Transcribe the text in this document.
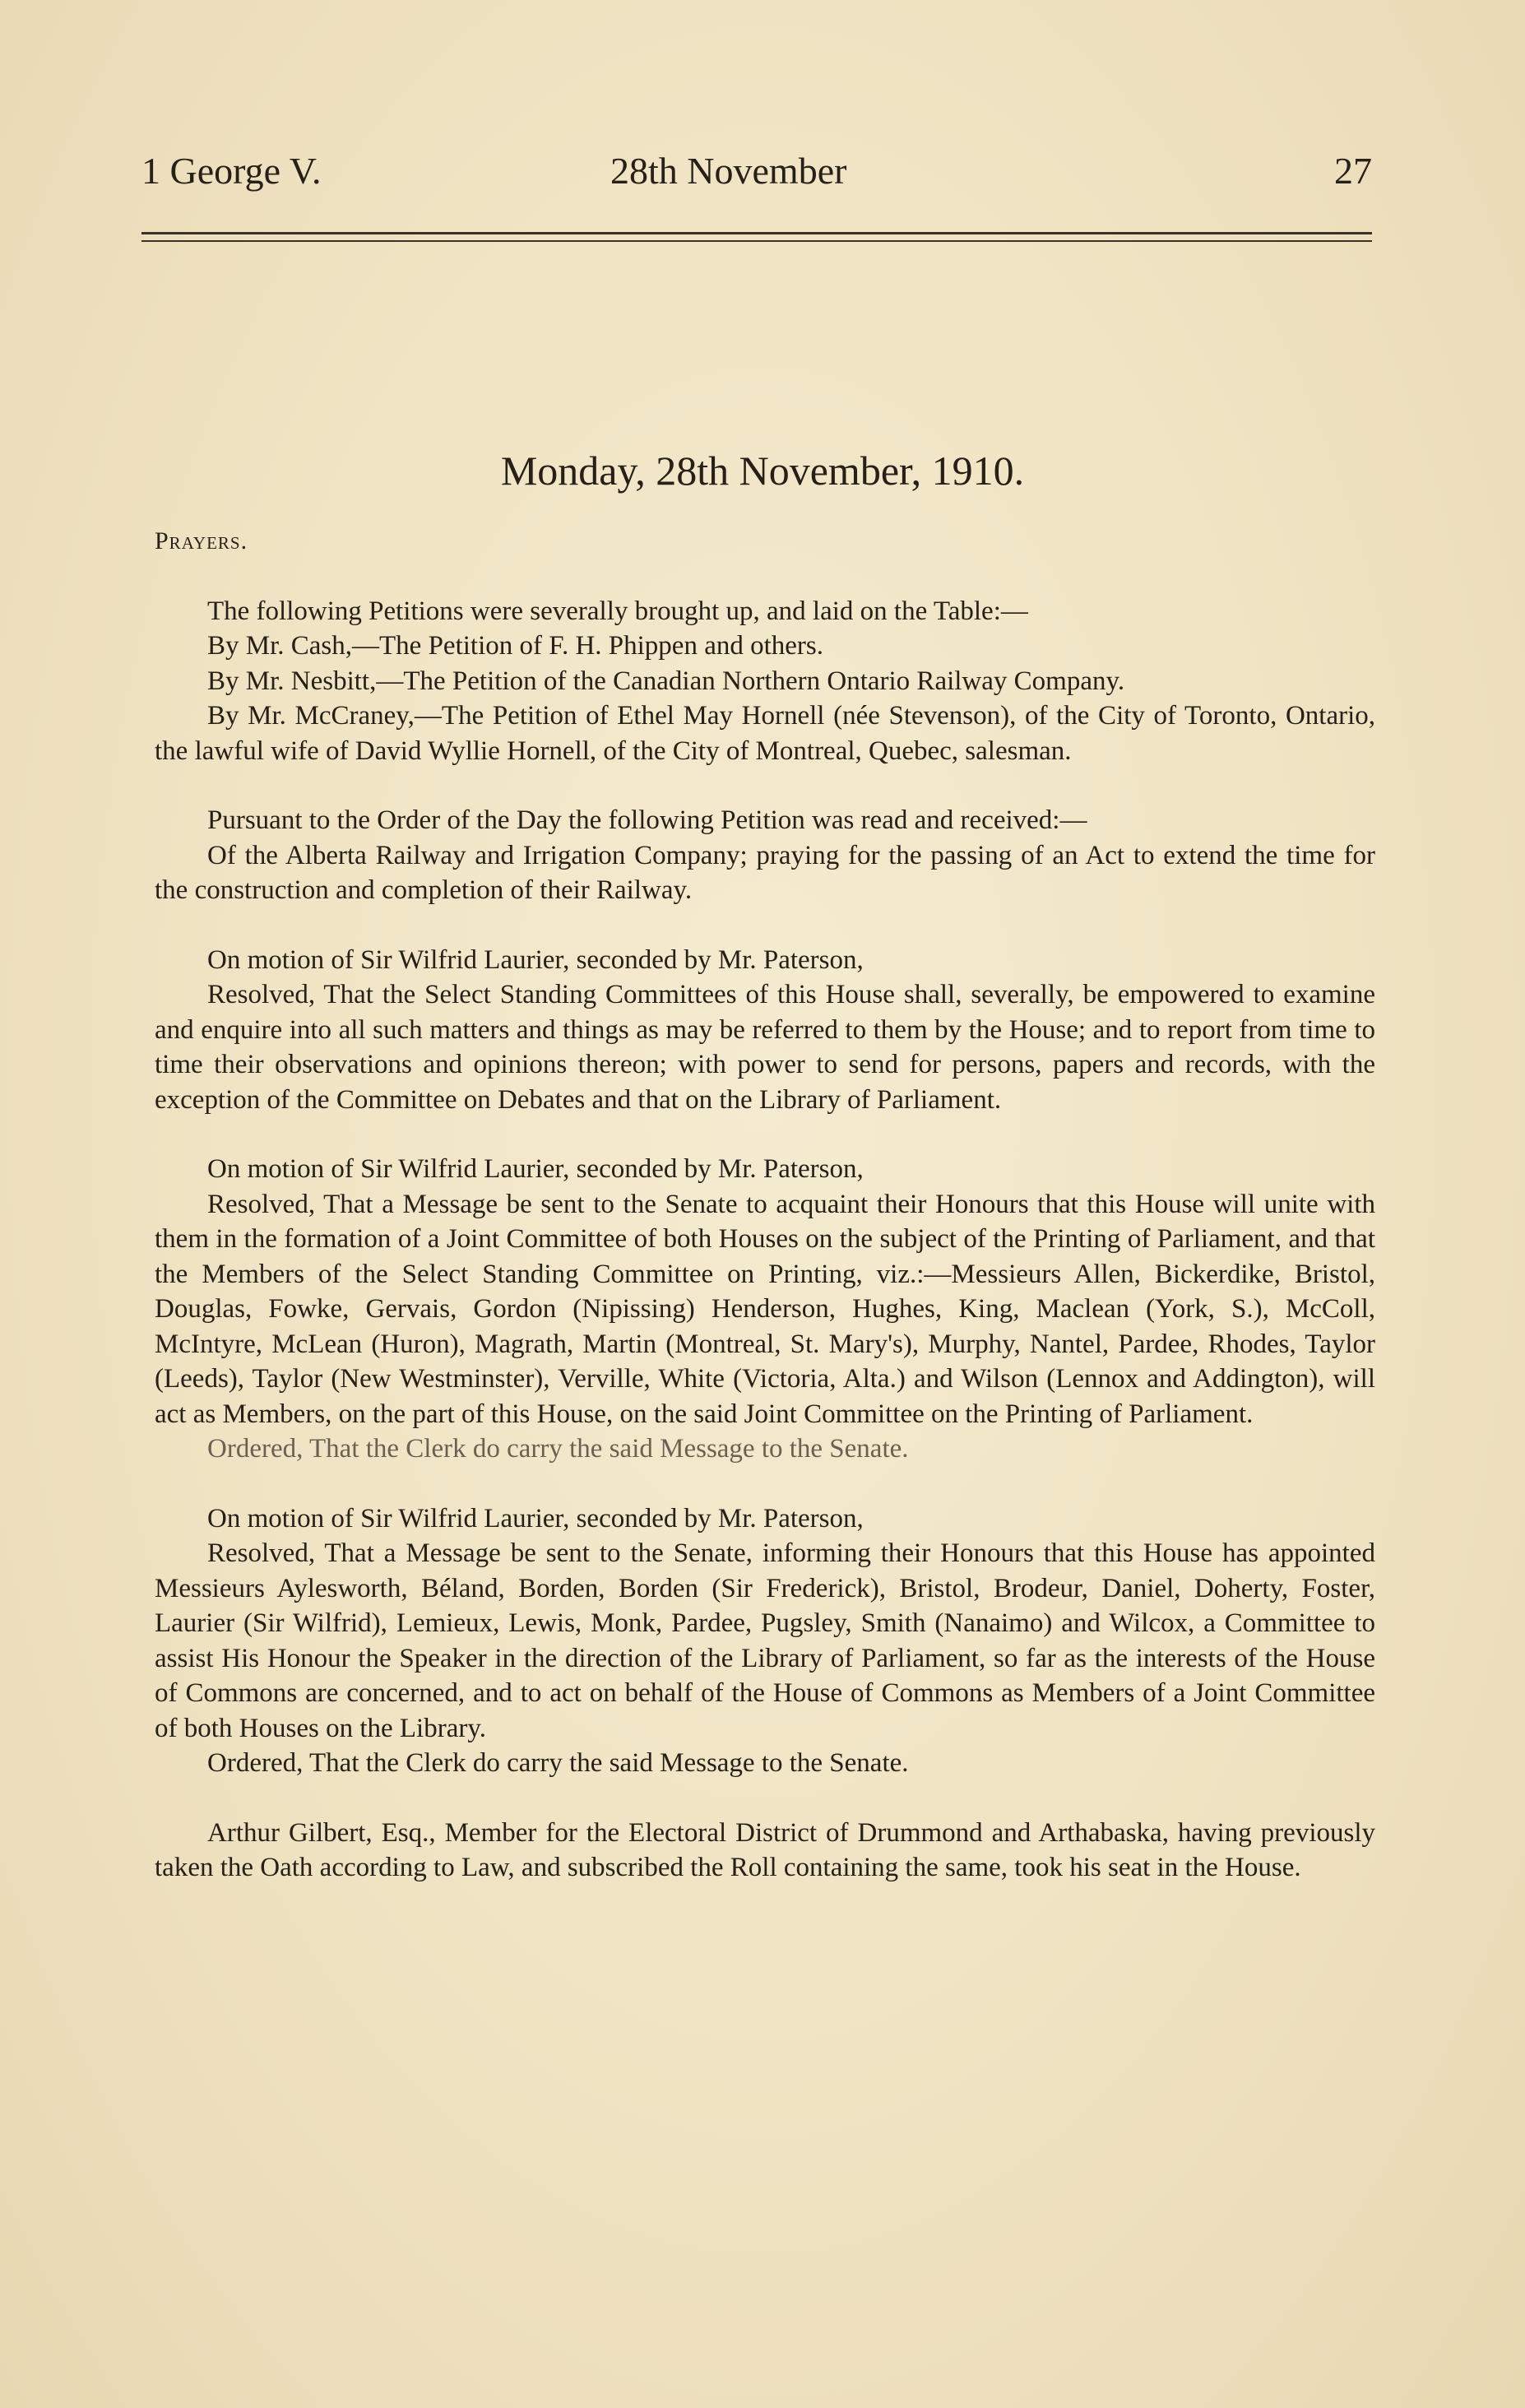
1 George V.	28th November	27
Monday, 28th November, 1910.

Prayers.

The following Petitions were severally brought up, and laid on the Table:—

By Mr. Cash,—The Petition of F. H. Phippen and others.

By Mr. Nesbitt,—The Petition of the Canadian Northern Ontario Railway Company.

By Mr. McCraney,—The Petition of Ethel May Hornell (née Stevenson), of the City of Toronto, Ontario, the lawful wife of David Wyllie Hornell, of the City of Montreal, Quebec, salesman.

Pursuant to the Order of the Day the following Petition was read and received:—

Of the Alberta Railway and Irrigation Company; praying for the passing of an Act to extend the time for the construction and completion of their Railway.

On motion of Sir Wilfrid Laurier, seconded by Mr. Paterson,

Resolved, That the Select Standing Committees of this House shall, severally, be empowered to examine and enquire into all such matters and things as may be referred to them by the House; and to report from time to time their observations and opinions thereon; with power to send for persons, papers and records, with the exception of the Committee on Debates and that on the Library of Parliament.

On motion of Sir Wilfrid Laurier, seconded by Mr. Paterson,

Resolved, That a Message be sent to the Senate to acquaint their Honours that this House will unite with them in the formation of a Joint Committee of both Houses on the subject of the Printing of Parliament, and that the Members of the Select Standing Committee on Printing, viz.:—Messieurs Allen, Bickerdike, Bristol, Douglas, Fowke, Gervais, Gordon (Nipissing) Henderson, Hughes, King, Maclean (York, S.), McColl, McIntyre, McLean (Huron), Magrath, Martin (Montreal, St. Mary's), Murphy, Nantel, Pardee, Rhodes, Taylor (Leeds), Taylor (New Westminster), Verville, White (Victoria, Alta.) and Wilson (Lennox and Addington), will act as Members, on the part of this House, on the said Joint Committee on the Printing of Parliament.

Ordered, That the Clerk do carry the said Message to the Senate.

On motion of Sir Wilfrid Laurier, seconded by Mr. Paterson,

Resolved, That a Message be sent to the Senate, informing their Honours that this House has appointed Messieurs Aylesworth, Béland, Borden, Borden (Sir Frederick), Bristol, Brodeur, Daniel, Doherty, Foster, Laurier (Sir Wilfrid), Lemieux, Lewis, Monk, Pardee, Pugsley, Smith (Nanaimo) and Wilcox, a Committee to assist His Honour the Speaker in the direction of the Library of Parliament, so far as the interests of the House of Commons are concerned, and to act on behalf of the House of Commons as Members of a Joint Committee of both Houses on the Library.

Ordered, That the Clerk do carry the said Message to the Senate.

Arthur Gilbert, Esq., Member for the Electoral District of Drummond and Arthabaska, having previously taken the Oath according to Law, and subscribed the Roll containing the same, took his seat in the House.
